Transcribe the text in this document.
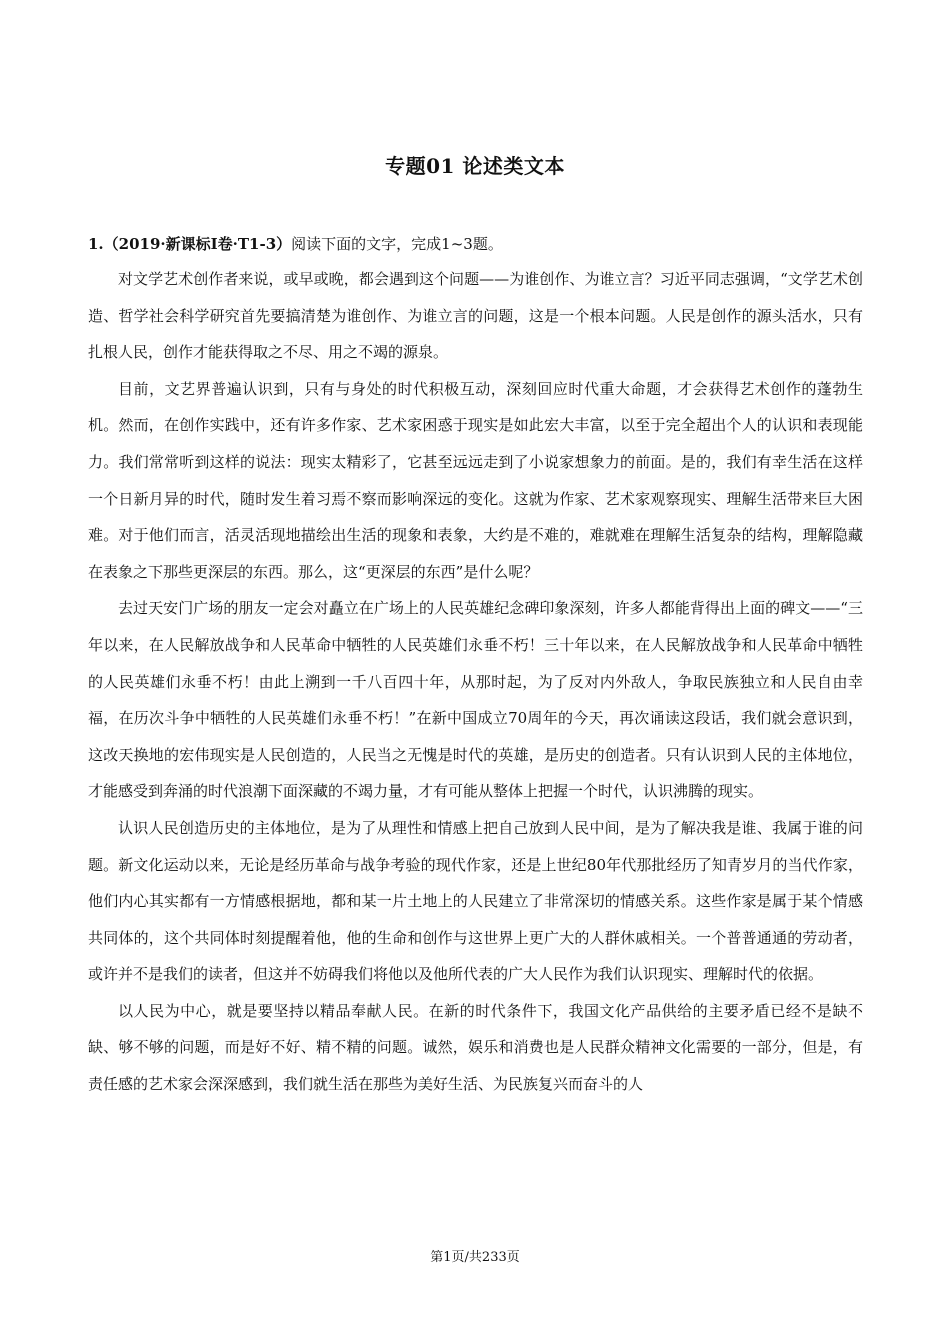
专题01 论述类文本
1.（2019·新课标Ⅰ卷·T1-3）阅读下面的文字，完成1~3题。

对文学艺术创作者来说，或早或晚，都会遇到这个问题——为谁创作、为谁立言？习近平同志强调，“文学艺术创造、哲学社会科学研究首先要搞清楚为谁创作、为谁立言的问题，这是一个根本问题。人民是创作的源头活水，只有扎根人民，创作才能获得取之不尽、用之不竭的源泉。

目前，文艺界普遍认识到，只有与身处的时代积极互动，深刻回应时代重大命题，才会获得艺术创作的蓬勃生机。然而，在创作实践中，还有许多作家、艺术家困惑于现实是如此宏大丰富，以至于完全超出个人的认识和表现能力。我们常常听到这样的说法：现实太精彩了，它甚至远远走到了小说家想象力的前面。是的，我们有幸生活在这样一个日新月异的时代，随时发生着习焉不察而影响深远的变化。这就为作家、艺术家观察现实、理解生活带来巨大困难。对于他们而言，活灵活现地描绘出生活的现象和表象，大约是不难的，难就难在理解生活复杂的结构，理解隐藏在表象之下那些更深层的东西。那么，这“更深层的东西”是什么呢？

去过天安门广场的朋友一定会对矗立在广场上的人民英雄纪念碑印象深刻，许多人都能背得出上面的碑文——“三年以来，在人民解放战争和人民革命中牺牲的人民英雄们永垂不朽！三十年以来，在人民解放战争和人民革命中牺牲的人民英雄们永垂不朽！由此上溯到一千八百四十年，从那时起，为了反对内外敌人，争取民族独立和人民自由幸福，在历次斗争中牺牲的人民英雄们永垂不朽！”在新中国成立70周年的今天，再次诵读这段话，我们就会意识到，这改天换地的宏伟现实是人民创造的，人民当之无愧是时代的英雄，是历史的创造者。只有认识到人民的主体地位，才能感受到奔涌的时代浪潮下面深藏的不竭力量，才有可能从整体上把握一个时代，认识沸腾的现实。

认识人民创造历史的主体地位，是为了从理性和情感上把自己放到人民中间，是为了解决我是谁、我属于谁的问题。新文化运动以来，无论是经历革命与战争考验的现代作家，还是上世纪80年代那批经历了知青岁月的当代作家，他们内心其实都有一方情感根据地，都和某一片土地上的人民建立了非常深切的情感关系。这些作家是属于某个情感共同体的，这个共同体时刻提醒着他，他的生命和创作与这世界上更广大的人群休戚相关。一个普普通通的劳动者，或许并不是我们的读者，但这并不妨碍我们将他以及他所代表的广大人民作为我们认识现实、理解时代的依据。

以人民为中心，就是要坚持以精品奉献人民。在新的时代条件下，我国文化产品供给的主要矛盾已经不是缺不缺、够不够的问题，而是好不好、精不精的问题。诚然，娱乐和消费也是人民群众精神文化需要的一部分，但是，有责任感的艺术家会深深感到，我们就生活在那些为美好生活、为民族复兴而奋斗的人

第1页/共233页
